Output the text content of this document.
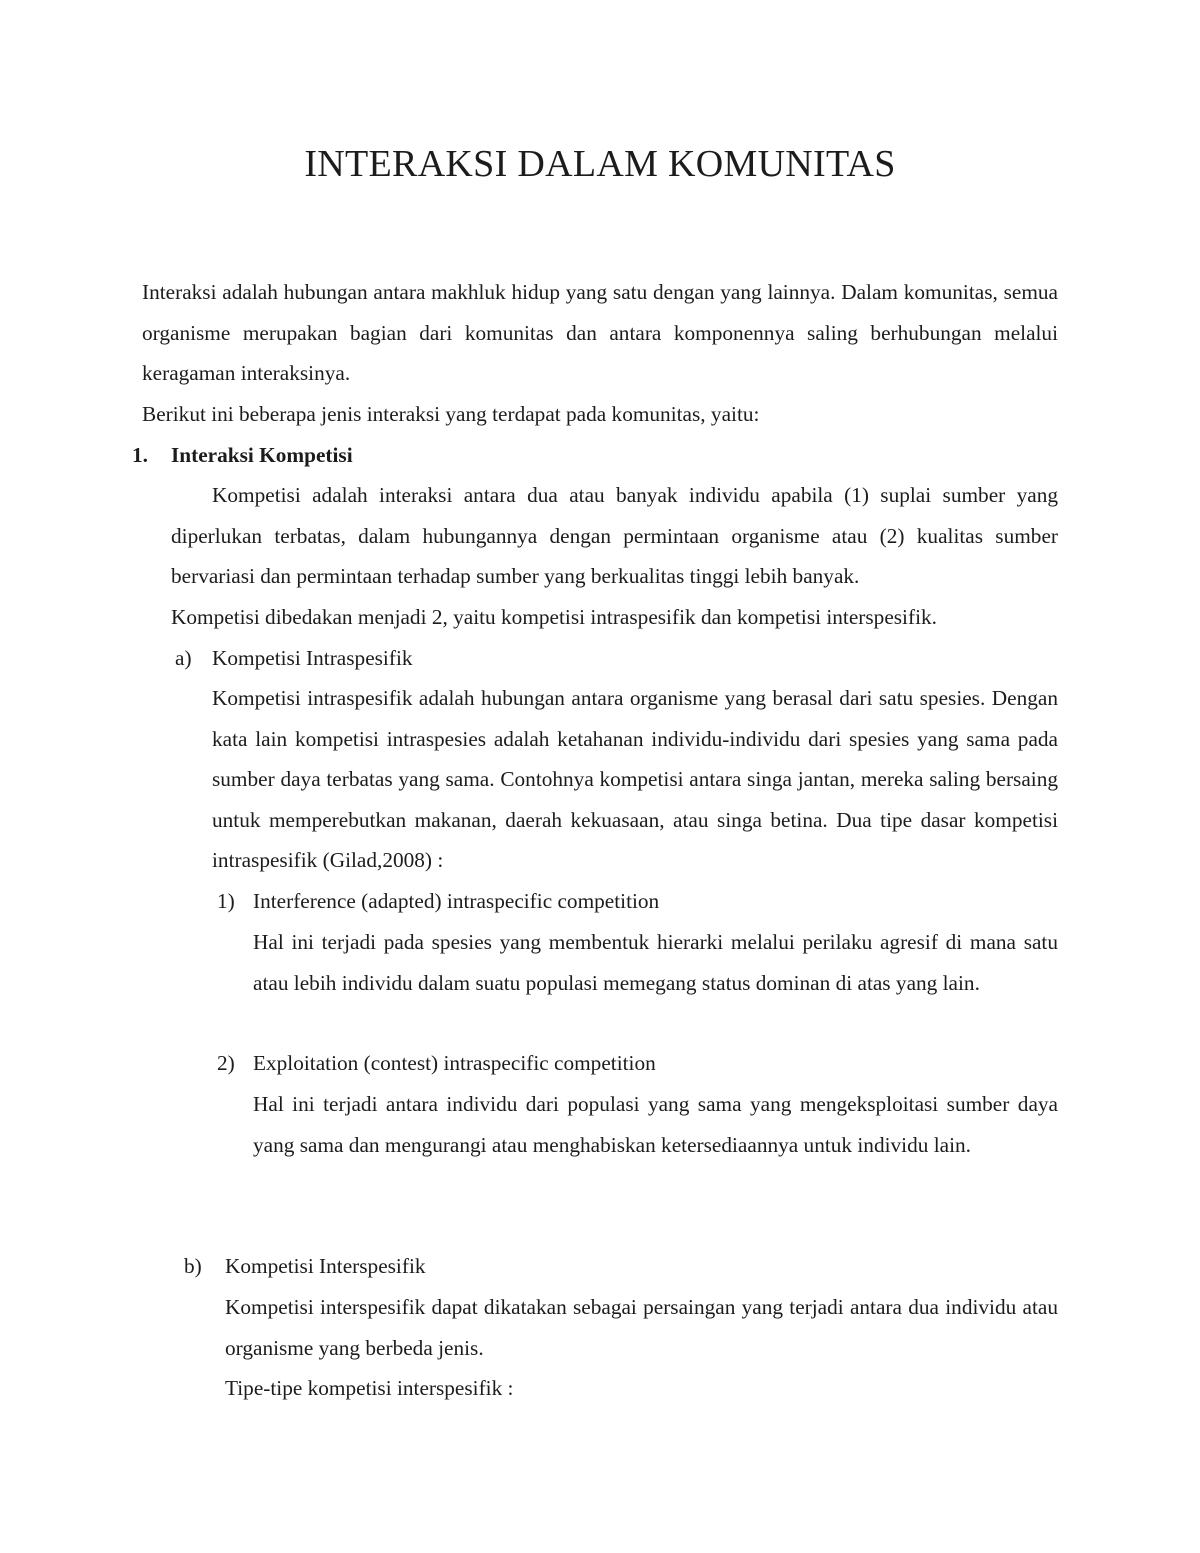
INTERAKSI DALAM KOMUNITAS

Interaksi adalah hubungan antara makhluk hidup yang satu dengan yang lainnya. Dalam komunitas, semua organisme merupakan bagian dari komunitas dan antara komponennya saling berhubungan melalui keragaman interaksinya.

Berikut ini beberapa jenis interaksi yang terdapat pada komunitas, yaitu:

1. Interaksi Kompetisi

Kompetisi adalah interaksi antara dua atau banyak individu apabila (1) suplai sumber yang diperlukan terbatas, dalam hubungannya dengan permintaan organisme atau (2) kualitas sumber bervariasi dan permintaan terhadap sumber yang berkualitas tinggi lebih banyak.

Kompetisi dibedakan menjadi 2, yaitu kompetisi intraspesifik dan kompetisi interspesifik.

a) Kompetisi Intraspesifik

Kompetisi intraspesifik adalah hubungan antara organisme yang berasal dari satu spesies. Dengan kata lain kompetisi intraspesies adalah ketahanan individu-individu dari spesies yang sama pada sumber daya terbatas yang sama. Contohnya kompetisi antara singa jantan, mereka saling bersaing untuk memperebutkan makanan, daerah kekuasaan, atau singa betina. Dua tipe dasar kompetisi intraspesifik (Gilad,2008) :

1) Interference (adapted) intraspecific competition

Hal ini terjadi pada spesies yang membentuk hierarki melalui perilaku agresif di mana satu atau lebih individu dalam suatu populasi memegang status dominan di atas yang lain.

2) Exploitation (contest) intraspecific competition

Hal ini terjadi antara individu dari populasi yang sama yang mengeksploitasi sumber daya yang sama dan mengurangi atau menghabiskan ketersediaannya untuk individu lain.

b) Kompetisi Interspesifik

Kompetisi interspesifik dapat dikatakan sebagai persaingan yang terjadi antara dua individu atau organisme yang berbeda jenis.

Tipe-tipe kompetisi interspesifik :
